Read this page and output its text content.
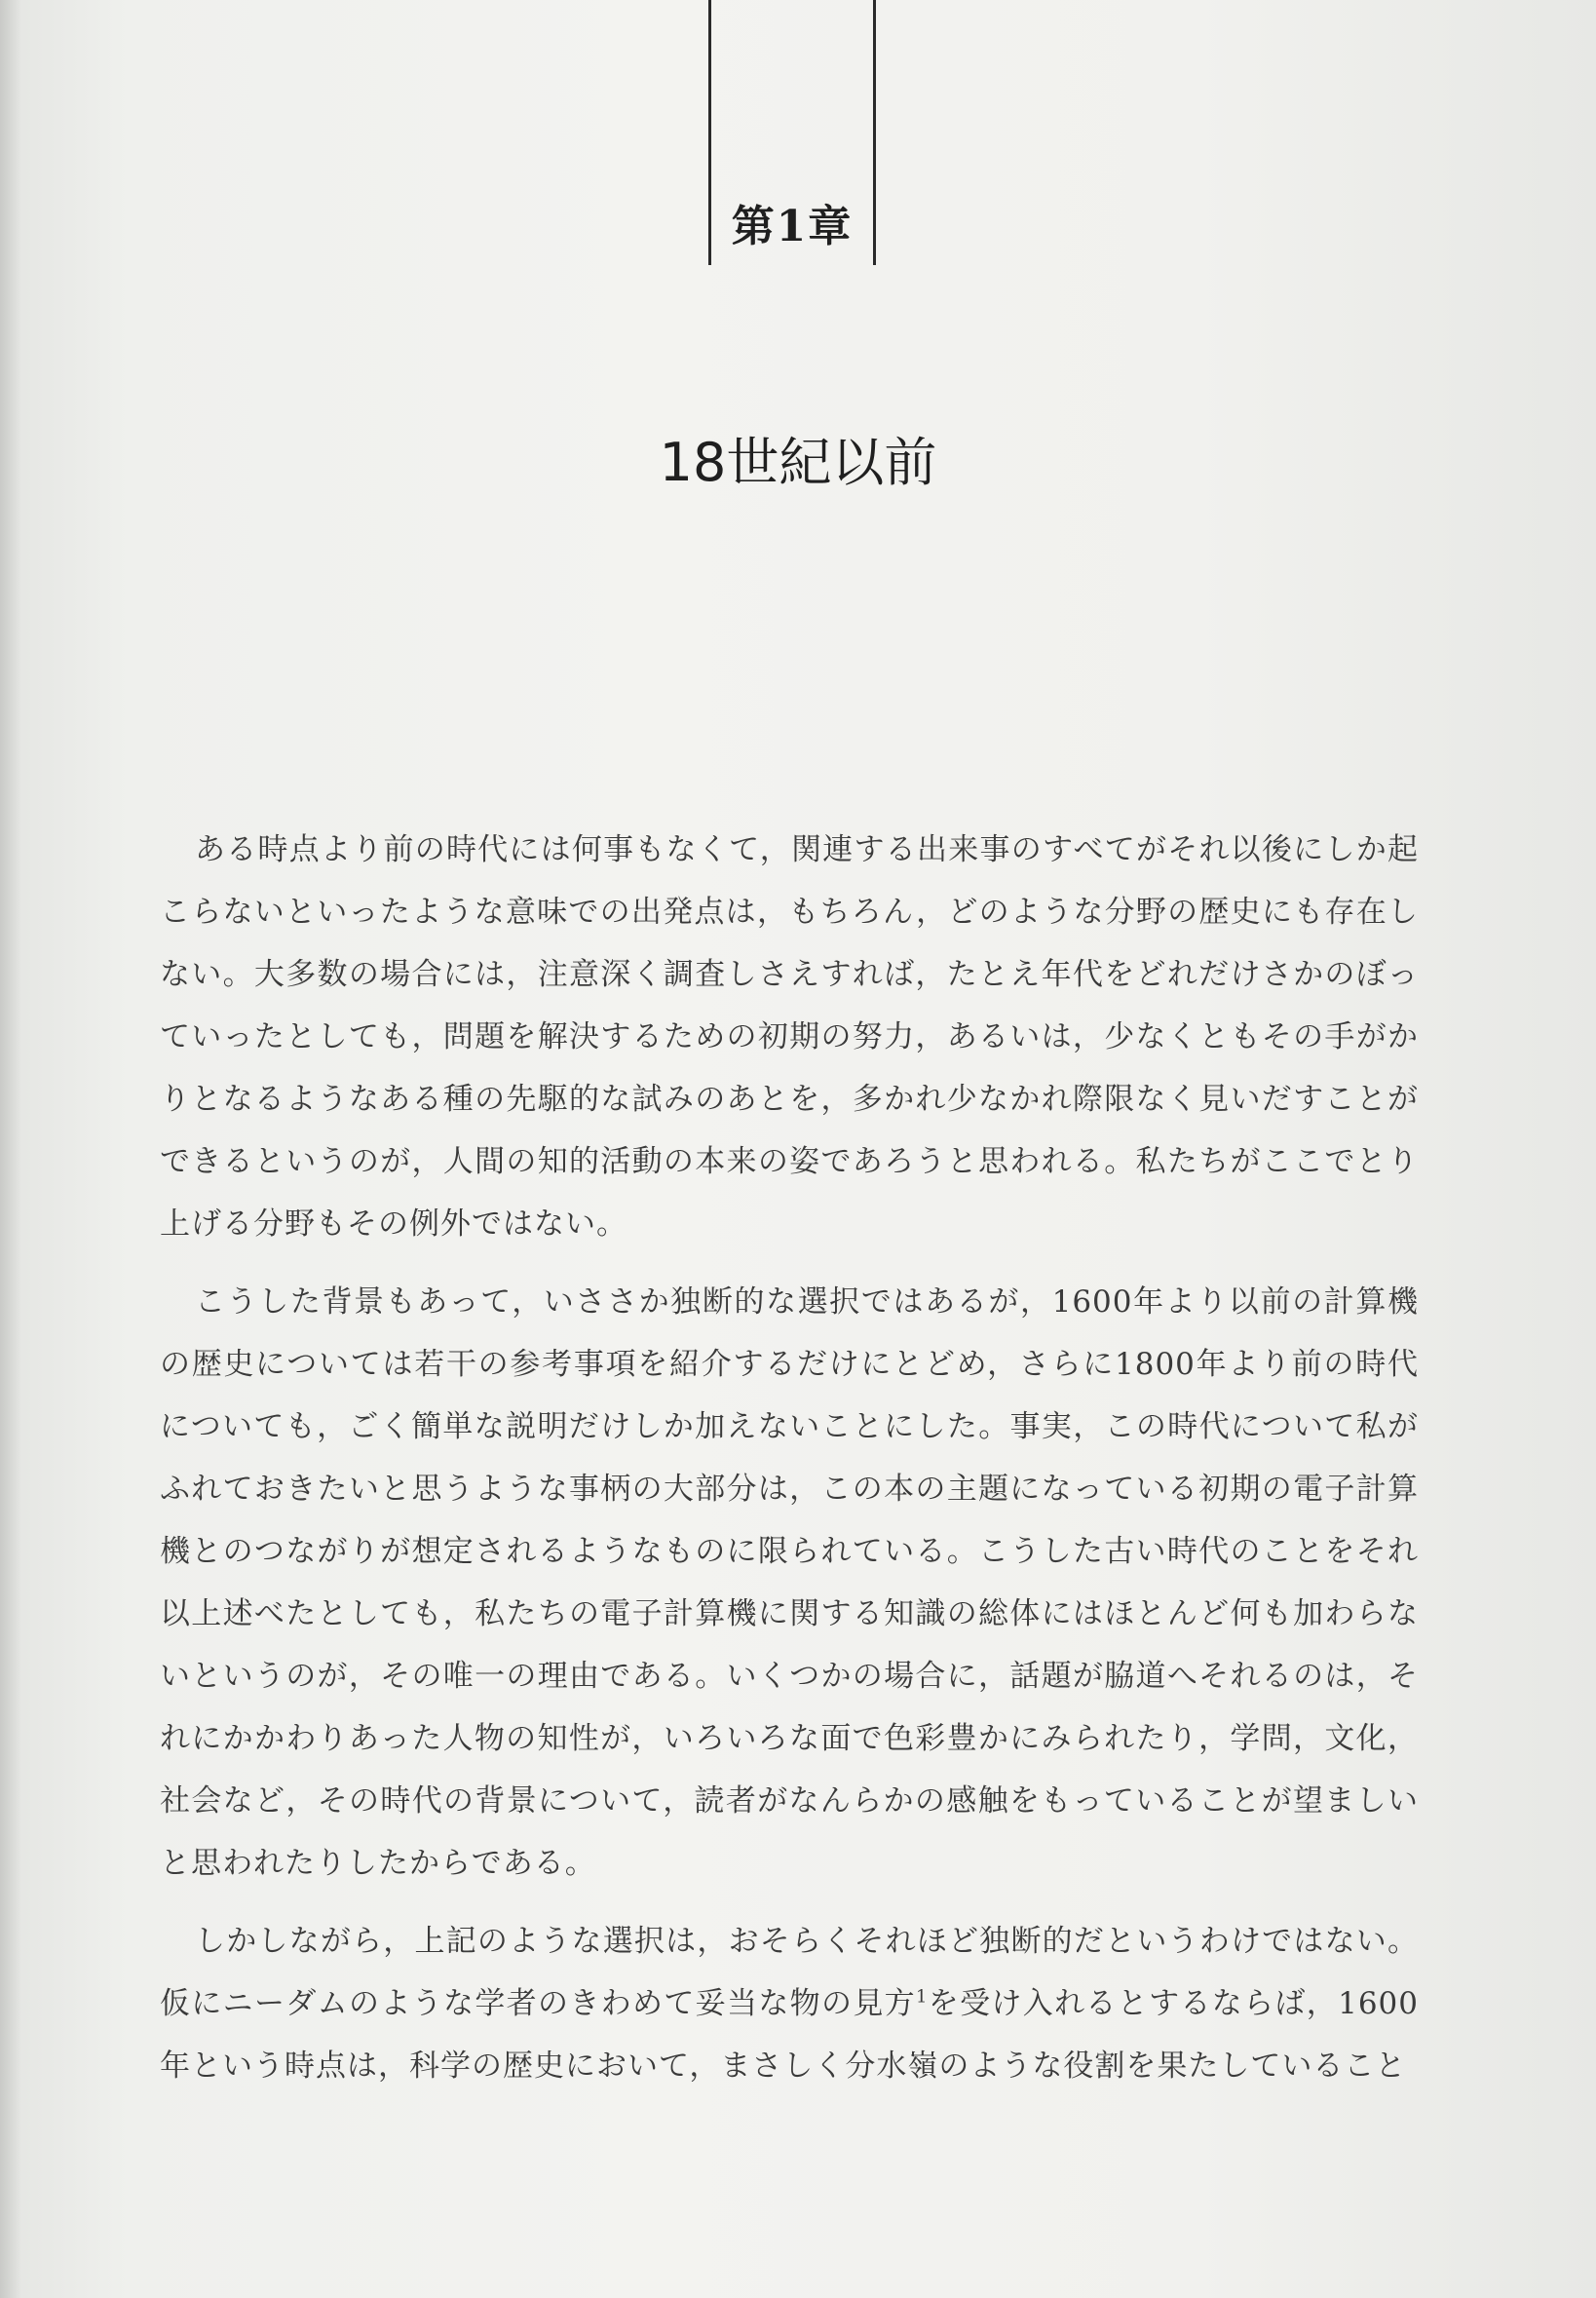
第1章
18世紀以前

ある時点より前の時代には何事もなくて，関連する出来事のすべてがそれ以後にしか起こらないといったような意味での出発点は，もちろん，どのような分野の歴史にも存在しない。大多数の場合には，注意深く調査しさえすれば，たとえ年代をどれだけさかのぼっていったとしても，問題を解決するための初期の努力，あるいは，少なくともその手がかりとなるようなある種の先駆的な試みのあとを，多かれ少なかれ際限なく見いだすことができるというのが，人間の知的活動の本来の姿であろうと思われる。私たちがここでとり上げる分野もその例外ではない。

こうした背景もあって，いささか独断的な選択ではあるが，1600年より以前の計算機の歴史については若干の参考事項を紹介するだけにとどめ，さらに1800年より前の時代についても，ごく簡単な説明だけしか加えないことにした。事実，この時代について私がふれておきたいと思うような事柄の大部分は，この本の主題になっている初期の電子計算機とのつながりが想定されるようなものに限られている。こうした古い時代のことをそれ以上述べたとしても，私たちの電子計算機に関する知識の総体にはほとんど何も加わらないというのが，その唯一の理由である。いくつかの場合に，話題が脇道へそれるのは，それにかかわりあった人物の知性が，いろいろな面で色彩豊かにみられたり，学問，文化，社会など，その時代の背景について，読者がなんらかの感触をもっていることが望ましいと思われたりしたからである。

しかしながら，上記のような選択は，おそらくそれほど独断的だというわけではない。仮にニーダムのような学者のきわめて妥当な物の見方$^1$を受け入れるとするならば，1600年という時点は，科学の歴史において，まさしく分水嶺のような役割を果たしていること
